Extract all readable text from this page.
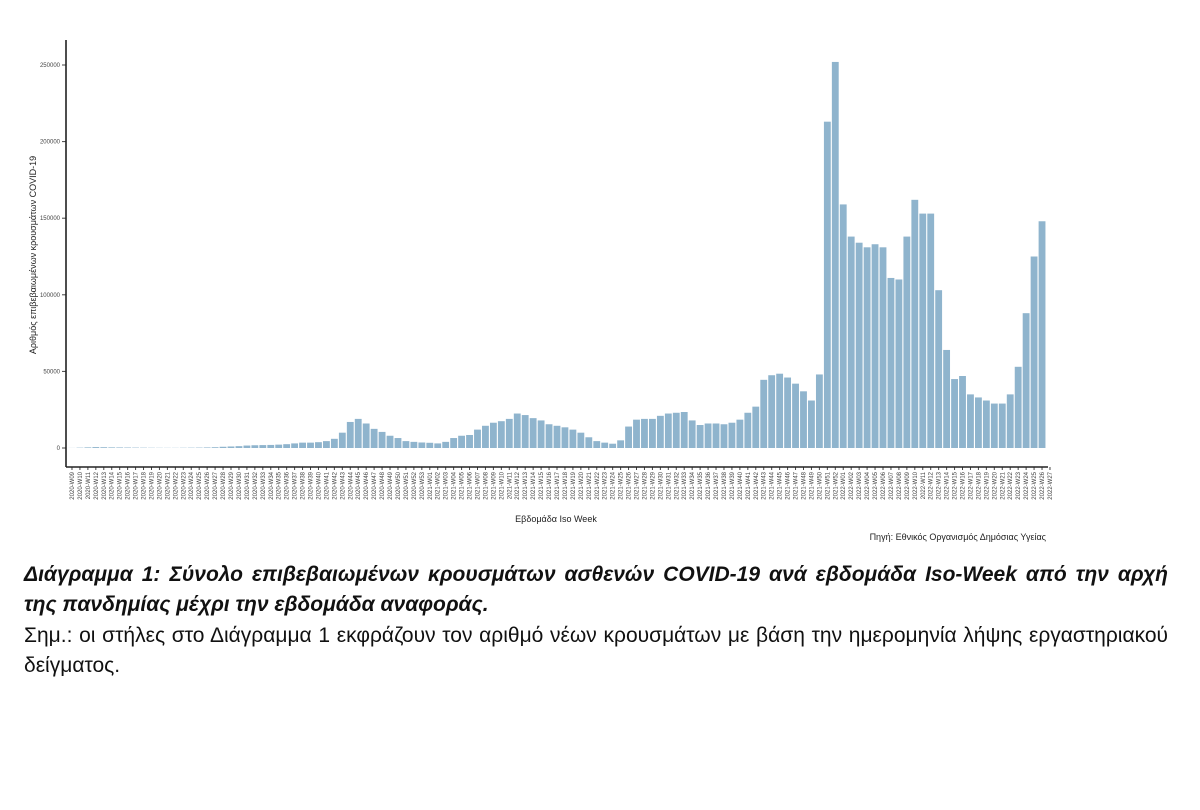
0
50000
100000
150000
200000
250000
2020-W09 2020-W10 2020-W11 2020-W12 2020-W13 2020-W14 2020-W15 2020-W16 2020-W17 2020-W18 2020-W19 2020-W20 2020-W21 2020-W22 2020-W23 2020-W24 2020-W25 2020-W26 2020-W27 2020-W28 2020-W29 2020-W30 2020-W31 2020-W32 2020-W33 2020-W34 2020-W35 2020-W36 2020-W37 2020-W38 2020-W39 2020-W40 2020-W41 2020-W42 2020-W43 2020-W44 2020-W45 2020-W46 2020-W47 2020-W48 2020-W49 2020-W50 2020-W51 2020-W52 2020-W53 2021-W01 2021-W02 2021-W03 2021-W04 2021-W05 2021-W06 2021-W07 2021-W08 2021-W09 2021-W10 2021-W11 2021-W12 2021-W13 2021-W14 2021-W15 2021-W16 2021-W17 2021-W18 2021-W19 2021-W20 2021-W21 2021-W22 2021-W23 2021-W24 2021-W25 2021-W26 2021-W27 2021-W28 2021-W29 2021-W30 2021-W31 2021-W32 2021-W33 2021-W34 2021-W35 2021-W36 2021-W37 2021-W38 2021-W39 2021-W40 2021-W41 2021-W42 2021-W43 2021-W44 2021-W45 2021-W46 2021-W47 2021-W48 2021-W49 2021-W50 2021-W51 2021-W52 2022-W01 2022-W02 2022-W03 2022-W04 2022-W05 2022-W06 2022-W07 2022-W08 2022-W09 2022-W10 2022-W11 2022-W12 2022-W13 2022-W14 2022-W15 2022-W16 2022-W17 2022-W18 2022-W19 2022-W20 2022-W21 2022-W22 2022-W23 2022-W24 2022-W25 2022-W26 2022-W27
Αριθμός επιβεβαιωμένων κρουσμάτων COVID-19
Εβδομάδα Iso Week
Πηγή: Εθνικός Οργανισμός Δημόσιας Υγείας
Διάγραμμα 1: Σύνολο επιβεβαιωμένων κρουσμάτων ασθενών COVID-19 ανά εβδομάδα Iso-Week από την αρχή της πανδημίας μέχρι την εβδομάδα αναφοράς.
Σημ.: οι στήλες στο Διάγραμμα 1 εκφράζουν τον αριθμό νέων κρουσμάτων με βάση την ημερομηνία λήψης εργαστηριακού δείγματος.
